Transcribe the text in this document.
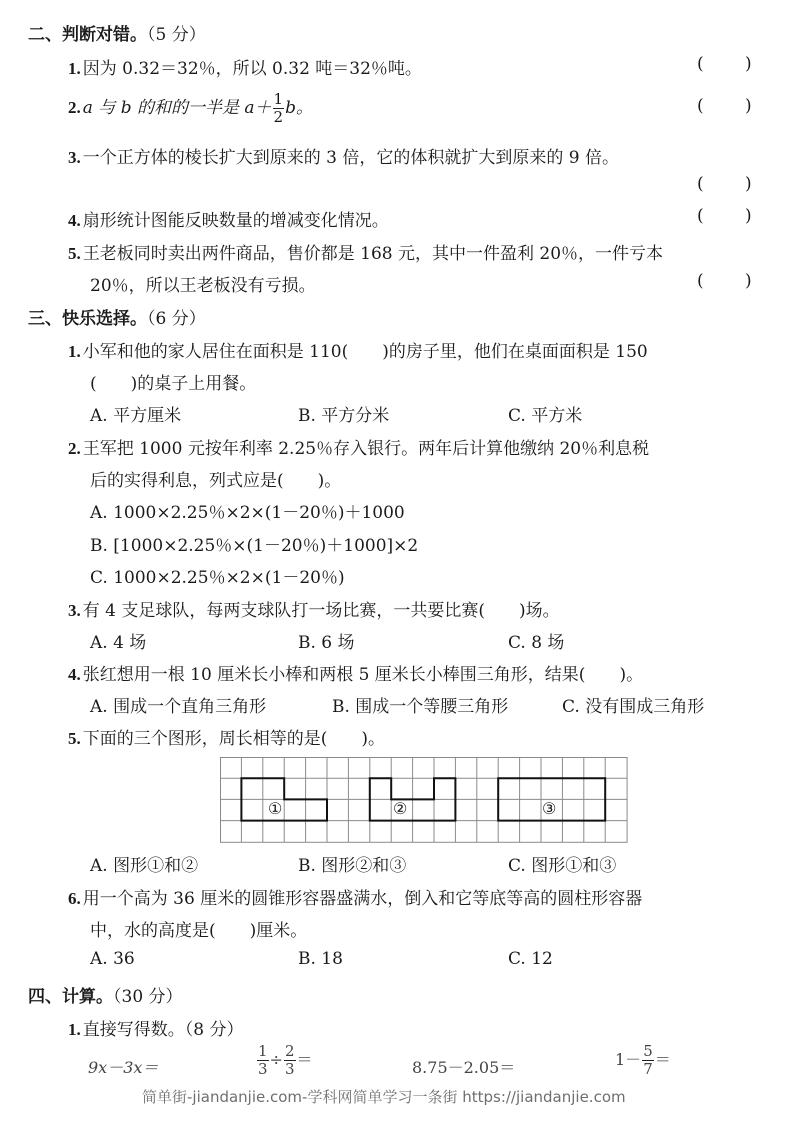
二、判断对错。（5 分）
1. 因为 0.32＝32％，所以 0.32 吨＝32％吨。	( )
2. a 与 b 的和的一半是 $a+ \frac{1}{2}$ b。	( )
3. 一个正方体的棱长扩大到原来的 3 倍，它的体积就扩大到原来的 9 倍。
( )
4. 扇形统计图能反映数量的增减变化情况。	( )
5. 王老板同时卖出两件商品，售价都是 168 元，其中一件盈利 20％，一件亏本
20％，所以王老板没有亏损。	( )
三、快乐选择。（6 分）
1. 小军和他的家人居住在面积是 110(　　)的房子里，他们在桌面面积是 150
(　　)的桌子上用餐。
A. 平方厘米	B. 平方分米	C. 平方米
2. 王军把 1000 元按年利率 2.25％存入银行。两年后计算他缴纳 20％利息税
后的实得利息，列式应是(　　)。
A. 1000×2.25％×2×(1－20％)＋1000
B. [1000×2.25％×(1－20％)＋1000]×2
C. 1000×2.25％×2×(1－20％)
3. 有 4 支足球队，每两支球队打一场比赛，一共要比赛(　　)场。
A. 4 场	B. 6 场	C. 8 场
4. 张红想用一根 10 厘米长小棒和两根 5 厘米长小棒围三角形，结果(　　)。
A. 围成一个直角三角形	B. 围成一个等腰三角形	C. 没有围成三角形
5. 下面的三个图形，周长相等的是(　　)。
①	②	③
A. 图形①和②	B. 图形②和③	C. 图形①和③
6. 用一个高为 36 厘米的圆锥形容器盛满水，倒入和它等底等高的圆柱形容器
中，水的高度是(　　)厘米。
A. 36	B. 18	C. 12
四、计算。（30 分）
1. 直接写得数。（8 分）
9x－3x＝	$\frac{1}{3} \div \frac{2}{3}$ ＝	8.75－2.05＝	$1- \frac{5}{7}$ ＝
简单街-jiandanjie.com-学科网简单学习一条街 https://jiandanjie.com
